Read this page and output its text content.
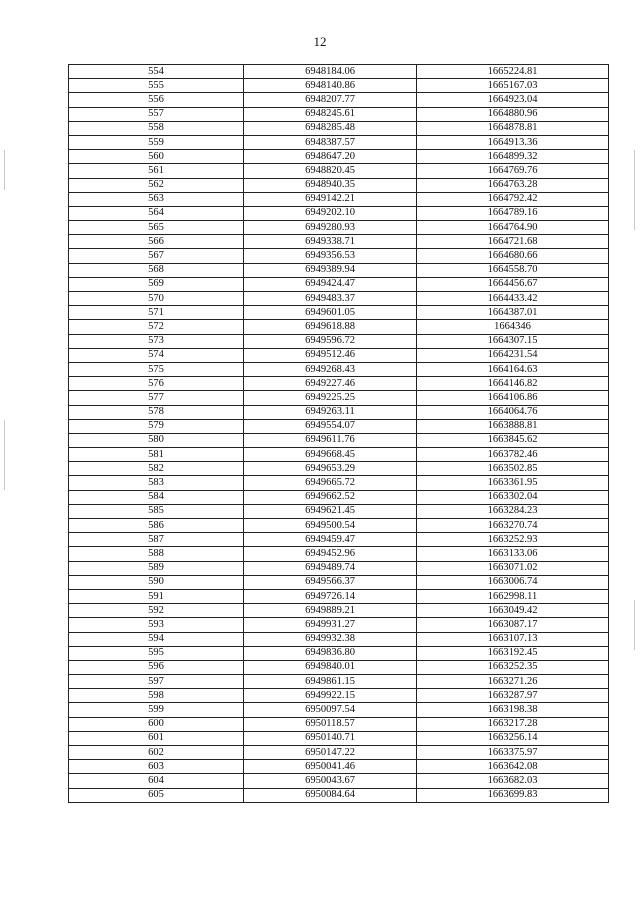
12
554	6948184.06	1665224.81
555	6948140.86	1665167.03
556	6948207.77	1664923.04
557	6948245.61	1664880.96
558	6948285.48	1664878.81
559	6948387.57	1664913.36
560	6948647.20	1664899.32
561	6948820.45	1664769.76
562	6948940.35	1664763.28
563	6949142.21	1664792.42
564	6949202.10	1664789.16
565	6949280.93	1664764.90
566	6949338.71	1664721.68
567	6949356.53	1664680.66
568	6949389.94	1664558.70
569	6949424.47	1664456.67
570	6949483.37	1664433.42
571	6949601.05	1664387.01
572	6949618.88	1664346
573	6949596.72	1664307.15
574	6949512.46	1664231.54
575	6949268.43	1664164.63
576	6949227.46	1664146.82
577	6949225.25	1664106.86
578	6949263.11	1664064.76
579	6949554.07	1663888.81
580	6949611.76	1663845.62
581	6949668.45	1663782.46
582	6949653.29	1663502.85
583	6949665.72	1663361.95
584	6949662.52	1663302.04
585	6949621.45	1663284.23
586	6949500.54	1663270.74
587	6949459.47	1663252.93
588	6949452.96	1663133.06
589	6949489.74	1663071.02
590	6949566.37	1663006.74
591	6949726.14	1662998.11
592	6949889.21	1663049.42
593	6949931.27	1663087.17
594	6949932.38	1663107.13
595	6949836.80	1663192.45
596	6949840.01	1663252.35
597	6949861.15	1663271.26
598	6949922.15	1663287.97
599	6950097.54	1663198.38
600	6950118.57	1663217.28
601	6950140.71	1663256.14
602	6950147.22	1663375.97
603	6950041.46	1663642.08
604	6950043.67	1663682.03
605	6950084.64	1663699.83
